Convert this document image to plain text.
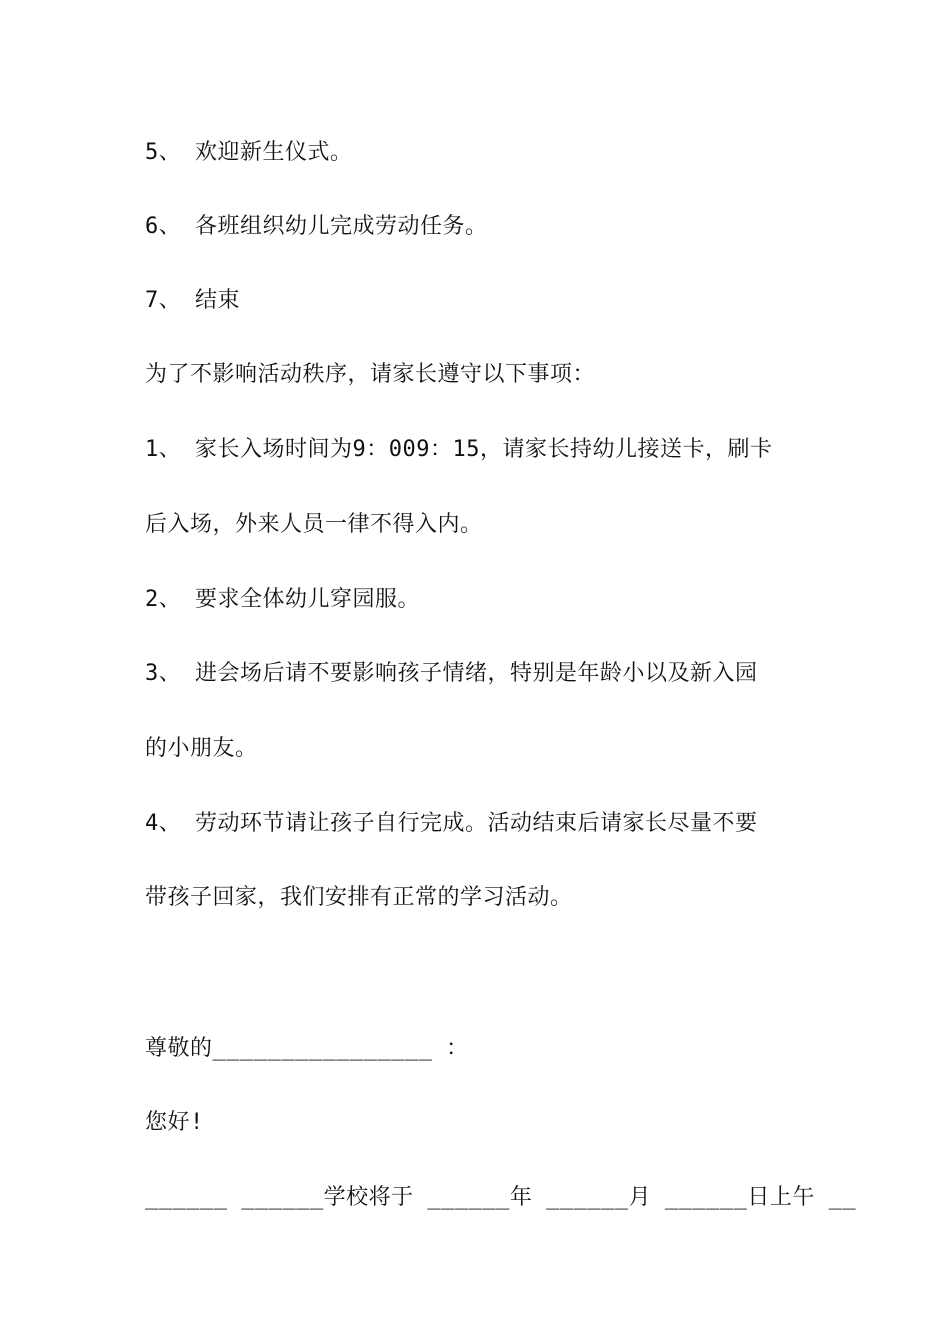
5、 欢迎新生仪式。
6、 各班组织幼儿完成劳动任务。
7、 结束
为了不影响活动秩序，请家长遵守以下事项：
1、 家长入场时间为9：009：15，请家长持幼儿接送卡，刷卡
后入场，外来人员一律不得入内。
2、 要求全体幼儿穿园服。
3、 进会场后请不要影响孩子情绪，特别是年龄小以及新入园
的小朋友。
4、 劳动环节请让孩子自行完成。活动结束后请家长尽量不要
带孩子回家，我们安排有正常的学习活动。
尊敬的________________ ：
您好!
______ ______学校将于 ______年 ______月 ______日上午 __
